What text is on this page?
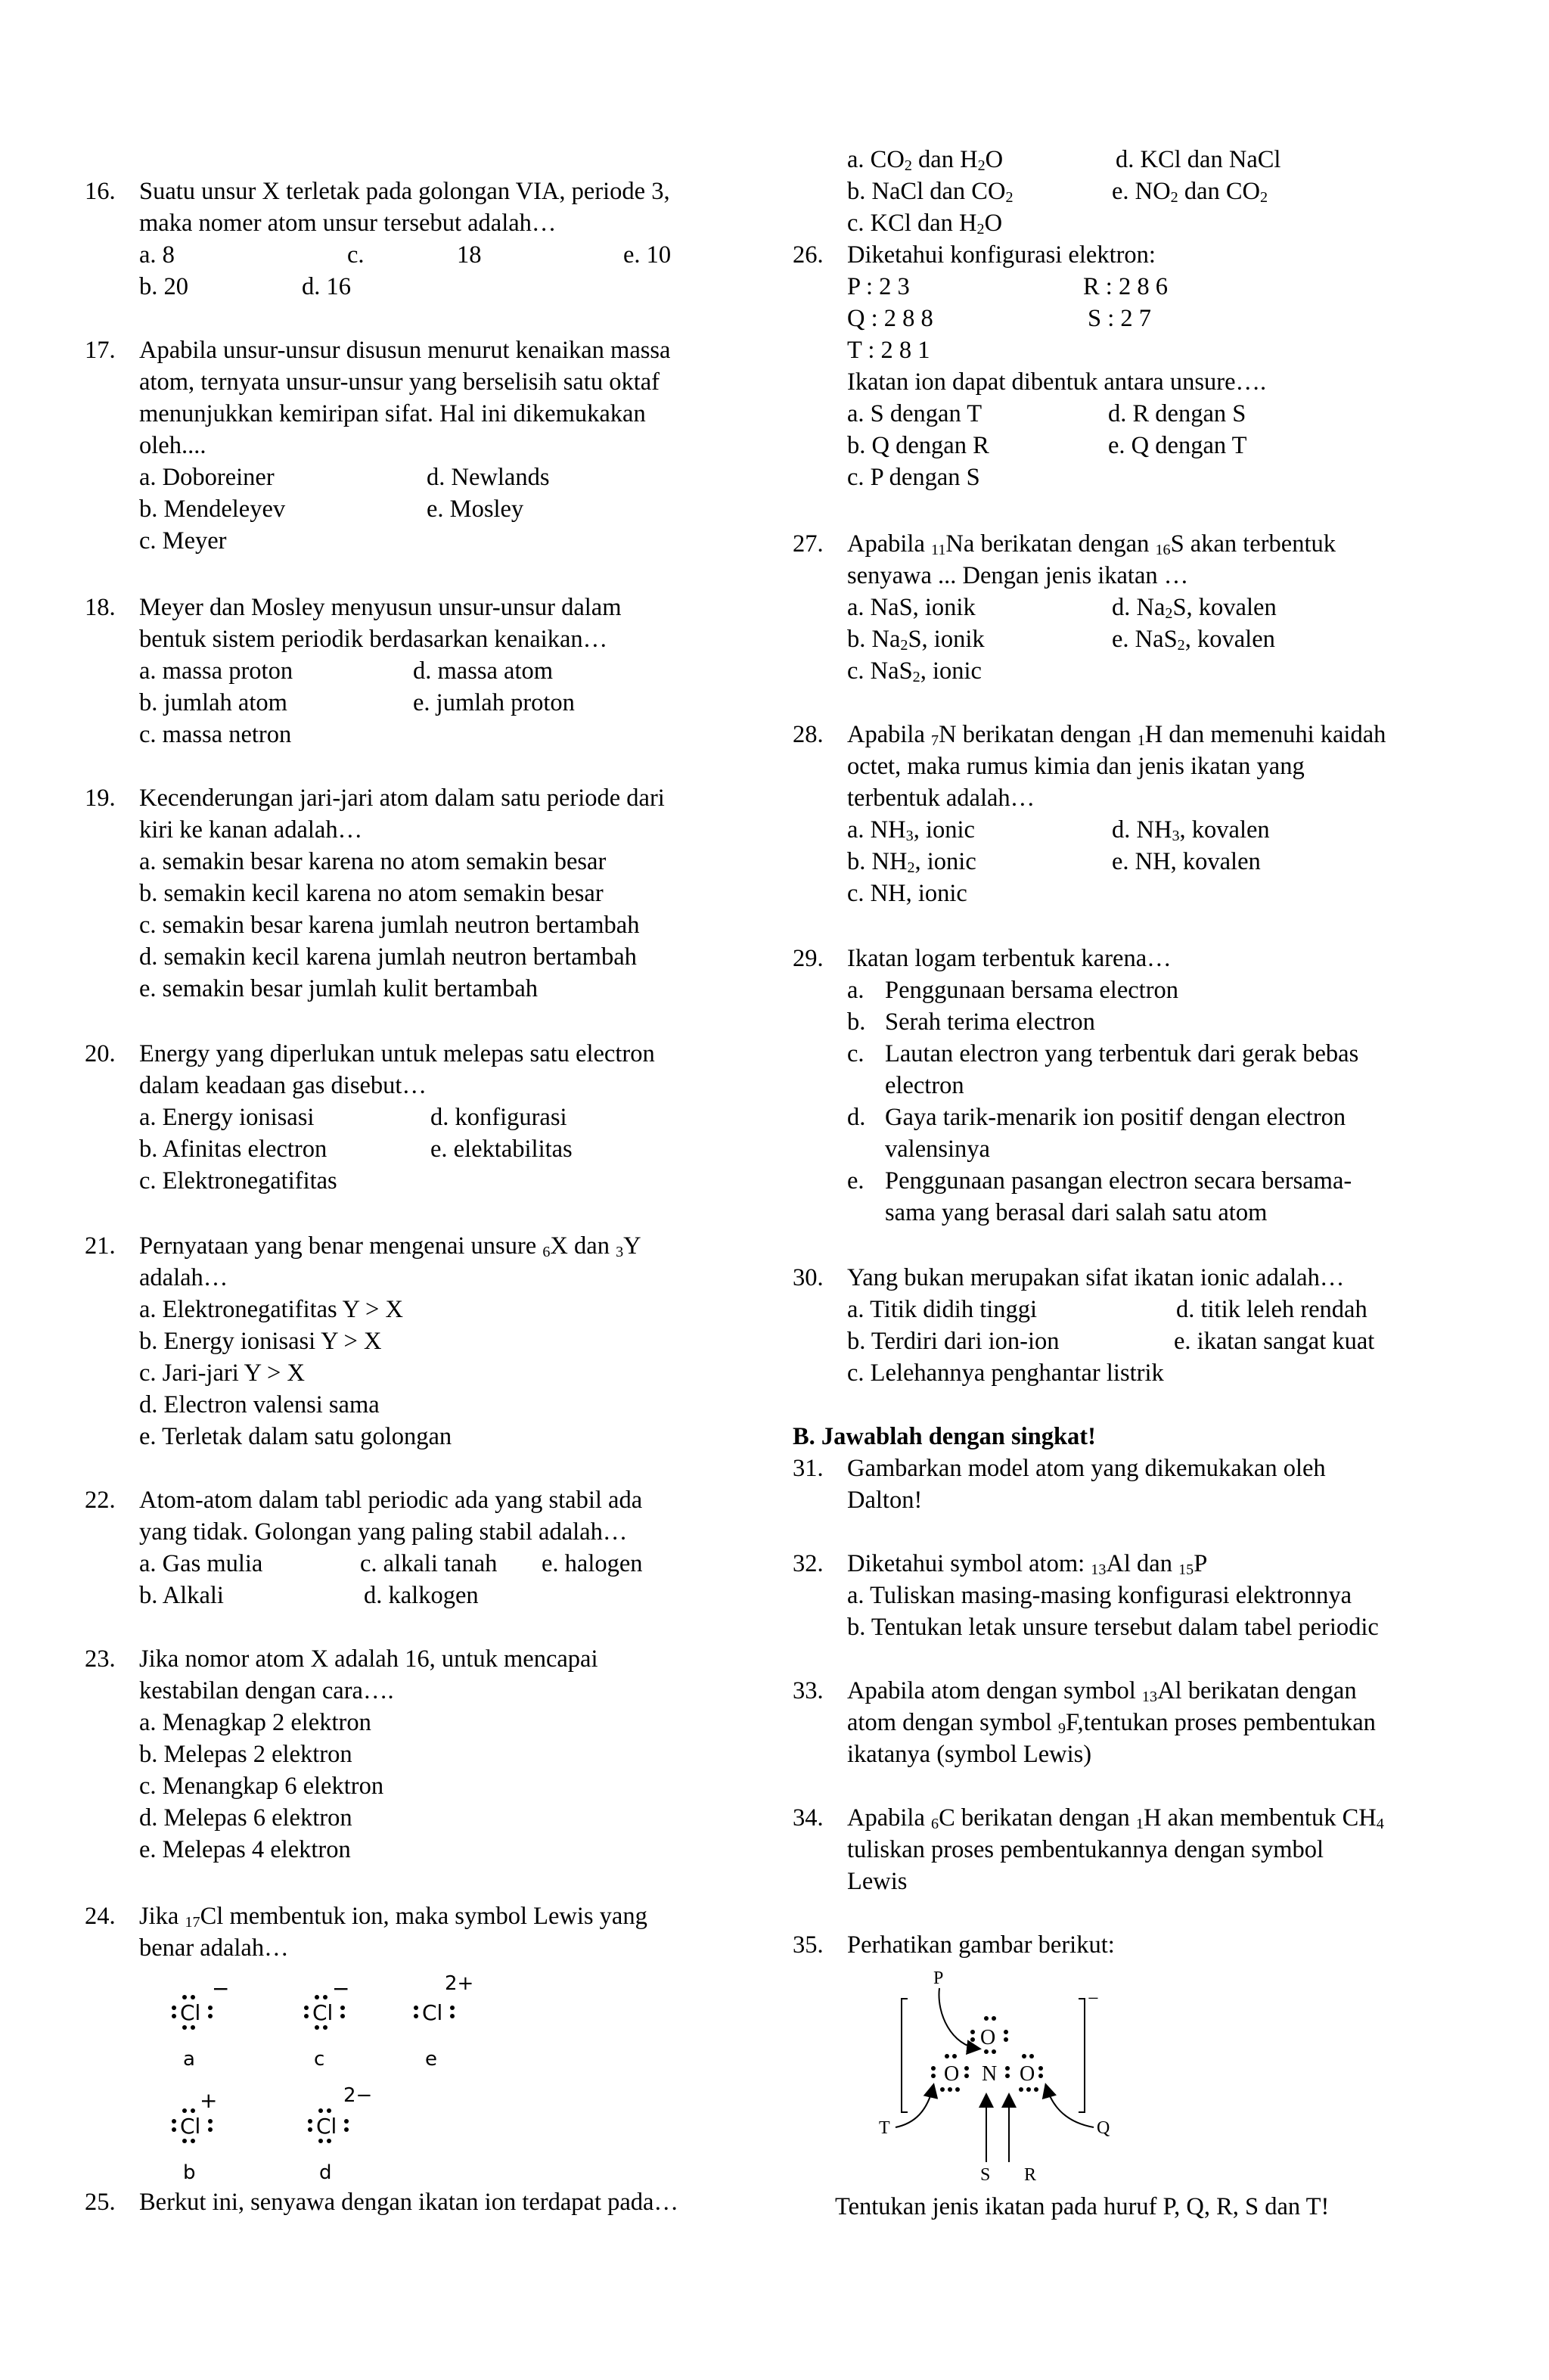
16. Suatu unsur X terletak pada golongan VIA, periode 3,
maka nomer atom unsur tersebut adalah…
a. 8	c.	18	e. 10
b. 20	d. 16
17. Apabila unsur-unsur disusun menurut kenaikan massa
atom, ternyata unsur-unsur yang berselisih satu oktaf
menunjukkan kemiripan sifat. Hal ini dikemukakan
oleh....
a. Doboreiner	d. Newlands
b. Mendeleyev	e. Mosley
c. Meyer
18. Meyer dan Mosley menyusun unsur-unsur dalam
bentuk sistem periodik berdasarkan kenaikan…
a. massa proton	d. massa atom
b. jumlah atom	e. jumlah proton
c. massa netron
19. Kecenderungan jari-jari atom dalam satu periode dari
kiri ke kanan adalah…
a. semakin besar karena no atom semakin besar
b. semakin kecil karena no atom semakin besar
c. semakin besar karena jumlah neutron bertambah
d. semakin kecil karena jumlah neutron bertambah
e. semakin besar jumlah kulit bertambah
20. Energy yang diperlukan untuk melepas satu electron
dalam keadaan gas disebut…
a. Energy ionisasi	d. konfigurasi
b. Afinitas electron	e. elektabilitas
c. Elektronegatifitas
21. Pernyataan yang benar mengenai unsure 6X dan 3Y
adalah…
a. Elektronegatifitas Y > X
b. Energy ionisasi Y > X
c. Jari-jari Y > X
d. Electron valensi sama
e. Terletak dalam satu golongan
22. Atom-atom dalam tabl periodic ada yang stabil ada
yang tidak. Golongan yang paling stabil adalah…
a. Gas mulia	c. alkali tanah e. halogen
b. Alkali	d. kalkogen
23. Jika nomor atom X adalah 16, untuk mencapai
kestabilan dengan cara….
a. Menagkap 2 elektron
b. Melepas 2 elektron
c. Menangkap 6 elektron
d. Melepas 6 elektron
e. Melepas 4 elektron
24. Jika 17Cl membentuk ion, maka symbol Lewis yang
benar adalah…
Cl
−
a
Cl
−
c
Cl
2+
e
Cl
+
b
Cl
2−
d
25. Berkut ini, senyawa dengan ikatan ion terdapat pada…
a. $CO_2$ dan $H_2O$	d. KCl dan NaCl
b. NaCl dan $CO_2$	e. $NO_2$ dan $CO_2$
c. KCl dan $H_2O$
26. Diketahui konfigurasi elektron:
P : 2 3	R : 2 8 6
Q : 2 8 8	S : 2 7
T : 2 8 1
Ikatan ion dapat dibentuk antara unsure….
a. S dengan T	d. R dengan S
b. Q dengan R	e. Q dengan T
c. P dengan S
27. Apabila 11Na berikatan dengan 16S akan terbentuk
senyawa ... Dengan jenis ikatan …
a. NaS, ionik	d. $Na_2S$, kovalen
b. $Na_2S$, ionik	e. NaS$_2$, kovalen
c. NaS$_2$, ionic
28. Apabila 7N berikatan dengan 1H dan memenuhi kaidah
octet, maka rumus kimia dan jenis ikatan yang
terbentuk adalah…
a. $NH_3$, ionic	d. $NH_3$, kovalen
b. $NH_2$, ionic	e. NH, kovalen
c. NH, ionic
29. Ikatan logam terbentuk karena…
a. Penggunaan bersama electron
b. Serah terima electron
c. Lautan electron yang terbentuk dari gerak bebas
electron
d. Gaya tarik-menarik ion positif dengan electron
valensinya
e. Penggunaan pasangan electron secara bersama-
sama yang berasal dari salah satu atom
30. Yang bukan merupakan sifat ikatan ionic adalah…
a. Titik didih tinggi	d. titik leleh rendah
b. Terdiri dari ion-ion	e. ikatan sangat kuat
c. Lelehannya penghantar listrik
B. Jawablah dengan singkat!
31. Gambarkan model atom yang dikemukakan oleh
Dalton!
32. Diketahui symbol atom: 13Al dan 15P
a. Tuliskan masing-masing konfigurasi elektronnya
b. Tentukan letak unsure tersebut dalam tabel periodic
33. Apabila atom dengan symbol 13Al berikatan dengan
atom dengan symbol 9F,tentukan proses pembentukan
ikatanya (symbol Lewis)
34. Apabila 6C berikatan dengan 1H akan membentuk $CH_4$
tuliskan proses pembentukannya dengan symbol
Lewis
35. Perhatikan gambar berikut:
−
O
O N O
P
T	Q
S R
Tentukan jenis ikatan pada huruf P, Q, R, S dan T!
